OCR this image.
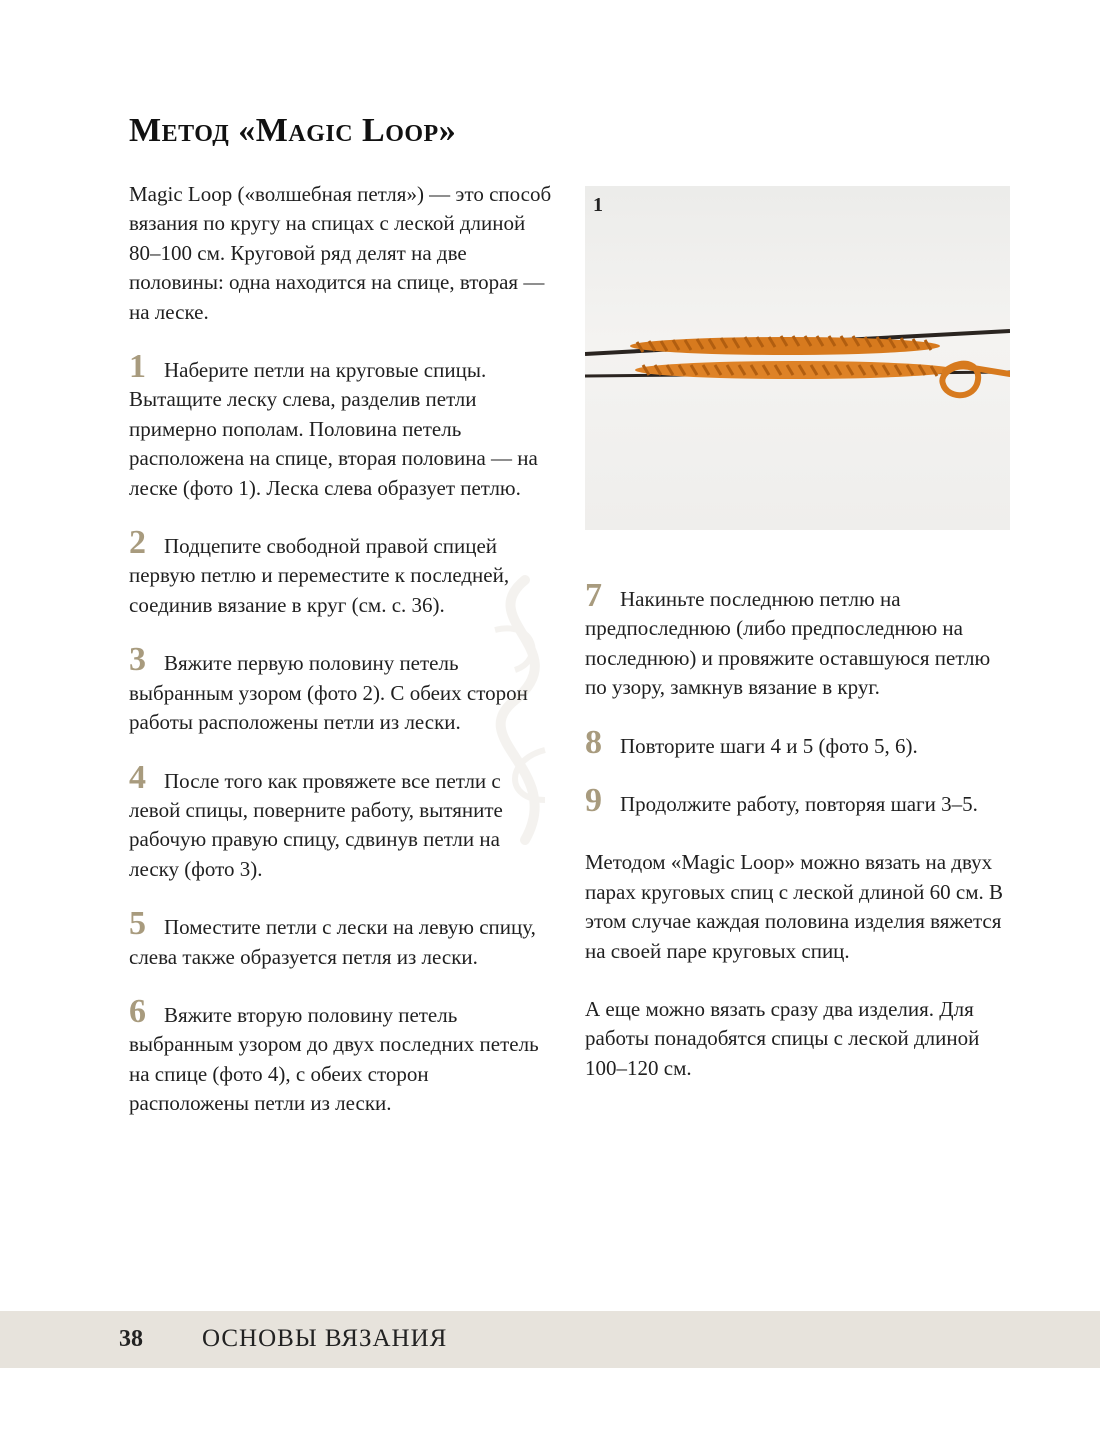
Метод «Magic Loop»

Magic Loop («волшебная петля») — это способ вязания по кругу на спицах с леской длиной 80–100 см. Круговой ряд делят на две половины: одна находится на спице, вторая — на леске.

1 Наберите петли на круговые спицы. Вытащите леску слева, разделив петли примерно пополам. Половина петель расположена на спице, вторая половина — на леске (фото 1). Леска слева образует петлю.

2 Подцепите свободной правой спицей первую петлю и переместите к последней, соединив вязание в круг (см. с. 36).

3 Вяжите первую половину петель выбранным узором (фото 2). С обеих сторон работы расположены петли из лески.

4 После того как провяжете все петли с левой спицы, поверните работу, вытяните рабочую правую спицу, сдвинув петли на леску (фото 3).

5 Поместите петли с лески на левую спицу, слева также образуется петля из лески.

6 Вяжите вторую половину петель выбранным узором до двух последних петель на спице (фото 4), с обеих сторон расположены петли из лески.

1

7 Накиньте последнюю петлю на предпоследнюю (либо предпоследнюю на последнюю) и провяжите оставшуюся петлю по узору, замкнув вязание в круг.

8 Повторите шаги 4 и 5 (фото 5, 6).

9 Продолжите работу, повторяя шаги 3–5.

Методом «Magic Loop» можно вязать на двух парах круговых спиц с леской длиной 60 см. В этом случае каждая половина изделия вяжется на своей паре круговых спиц.

А еще можно вязать сразу два изделия. Для работы понадобятся спицы с леской длиной 100–120 см.

38 ОСНОВЫ ВЯЗАНИЯ
